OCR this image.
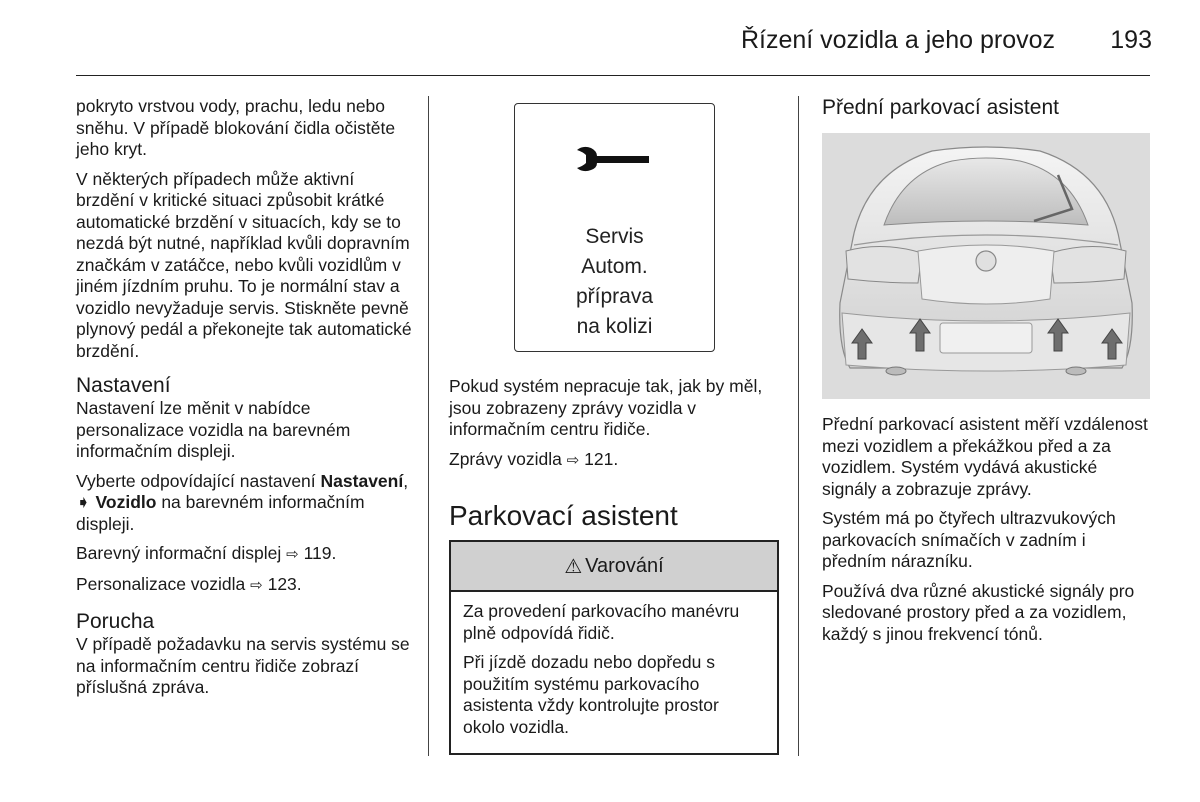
Řízení vozidla a jeho provoz 193

pokryto vrstvou vody, prachu, ledu nebo sněhu. V případě blokování čidla očistěte jeho kryt.

V některých případech může aktivní brzdění v kritické situaci způsobit krátké automatické brzdění v situacích, kdy se to nezdá být nutné, například kvůli dopravním značkám v zatáčce, nebo kvůli vozidlům v jiném jízdním pruhu. To je normální stav a vozidlo nevyžaduje servis. Stiskněte pevně plynový pedál a překonejte tak automatické brzdění.

Nastavení

Nastavení lze měnit v nabídce personalizace vozidla na barevném informačním displeji.

Vyberte odpovídající nastavení Nastavení, ➧ Vozidlo na barevném informačním displeji.

Barevný informační displej ⇨ 119.

Personalizace vozidla ⇨ 123.

Porucha

V případě požadavku na servis systému se na informačním centru řidiče zobrazí příslušná zpráva.

Servis
Autom.
příprava
na kolizi

Pokud systém nepracuje tak, jak by měl, jsou zobrazeny zprávy vozidla v informačním centru řidiče.

Zprávy vozidla ⇨ 121.

Parkovací asistent
⚠ Varování

Za provedení parkovacího manévru plně odpovídá řidič.

Při jízdě dozadu nebo dopředu s použitím systému parkovacího asistenta vždy kontrolujte prostor okolo vozidla.

Přední parkovací asistent

Přední parkovací asistent měří vzdálenost mezi vozidlem a překážkou před a za vozidlem. Systém vydává akustické signály a zobrazuje zprávy.

Systém má po čtyřech ultrazvukových parkovacích snímačích v zadním i předním nárazníku.

Používá dva různé akustické signály pro sledované prostory před a za vozidlem, každý s jinou frekvencí tónů.
